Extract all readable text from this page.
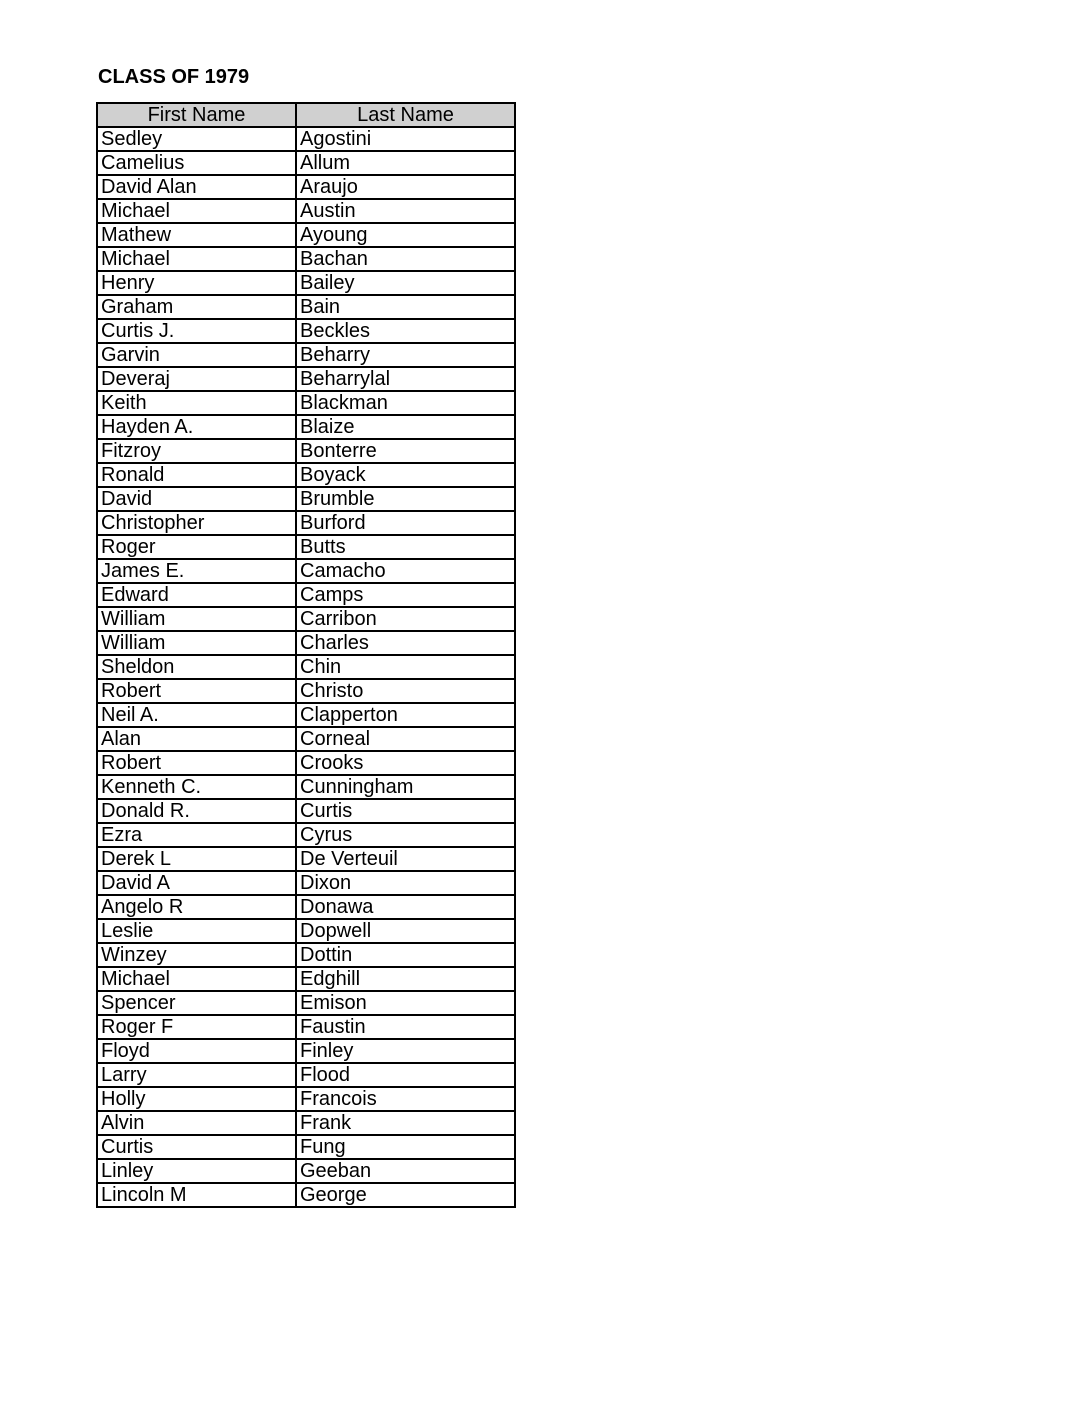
CLASS OF 1979
First Name	Last Name
Sedley	Agostini
Camelius	Allum
David Alan	Araujo
Michael	Austin
Mathew	Ayoung
Michael	Bachan
Henry	Bailey
Graham	Bain
Curtis J.	Beckles
Garvin	Beharry
Deveraj	Beharrylal
Keith	Blackman
Hayden A.	Blaize
Fitzroy	Bonterre
Ronald	Boyack
David	Brumble
Christopher	Burford
Roger	Butts
James E.	Camacho
Edward	Camps
William	Carribon
William	Charles
Sheldon	Chin
Robert	Christo
Neil A.	Clapperton
Alan	Corneal
Robert	Crooks
Kenneth C.	Cunningham
Donald R.	Curtis
Ezra	Cyrus
Derek L	De Verteuil
David A	Dixon
Angelo R	Donawa
Leslie	Dopwell
Winzey	Dottin
Michael	Edghill
Spencer	Emison
Roger F	Faustin
Floyd	Finley
Larry	Flood
Holly	Francois
Alvin	Frank
Curtis	Fung
Linley	Geeban
Lincoln M	George
